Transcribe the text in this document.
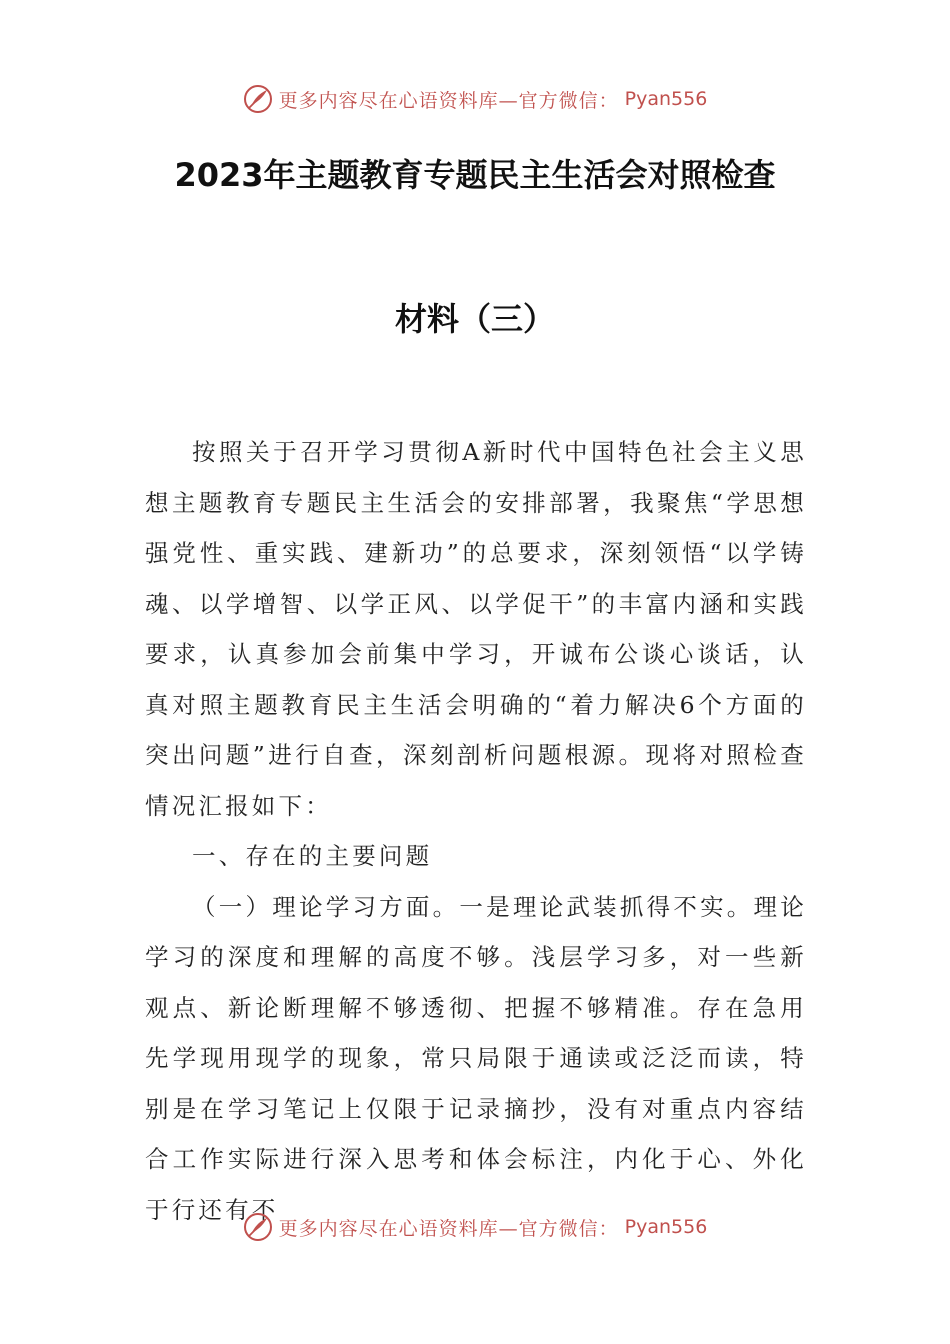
更多内容尽在心语资料库—官方微信： Pyan556
2023年主题教育专题民主生活会对照检查
材料（三）

按照关于召开学习贯彻A新时代中国特色社会主义思想主题教育专题民主生活会的安排部署，我聚焦“学思想强党性、重实践、建新功”的总要求，深刻领悟“以学铸魂、以学增智、以学正风、以学促干”的丰富内涵和实践要求，认真参加会前集中学习，开诚布公谈心谈话，认真对照主题教育民主生活会明确的“着力解决6个方面的突出问题”进行自查，深刻剖析问题根源。现将对照检查情况汇报如下：

一、存在的主要问题

（一）理论学习方面。一是理论武装抓得不实。理论学习的深度和理解的高度不够。浅层学习多，对一些新观点、新论断理解不够透彻、把握不够精准。存在急用先学现用现学的现象，常只局限于通读或泛泛而读，特别是在学习笔记上仅限于记录摘抄，没有对重点内容结合工作实际进行深入思考和体会标注，内化于心、外化于行还有不

更多内容尽在心语资料库—官方微信： Pyan556
